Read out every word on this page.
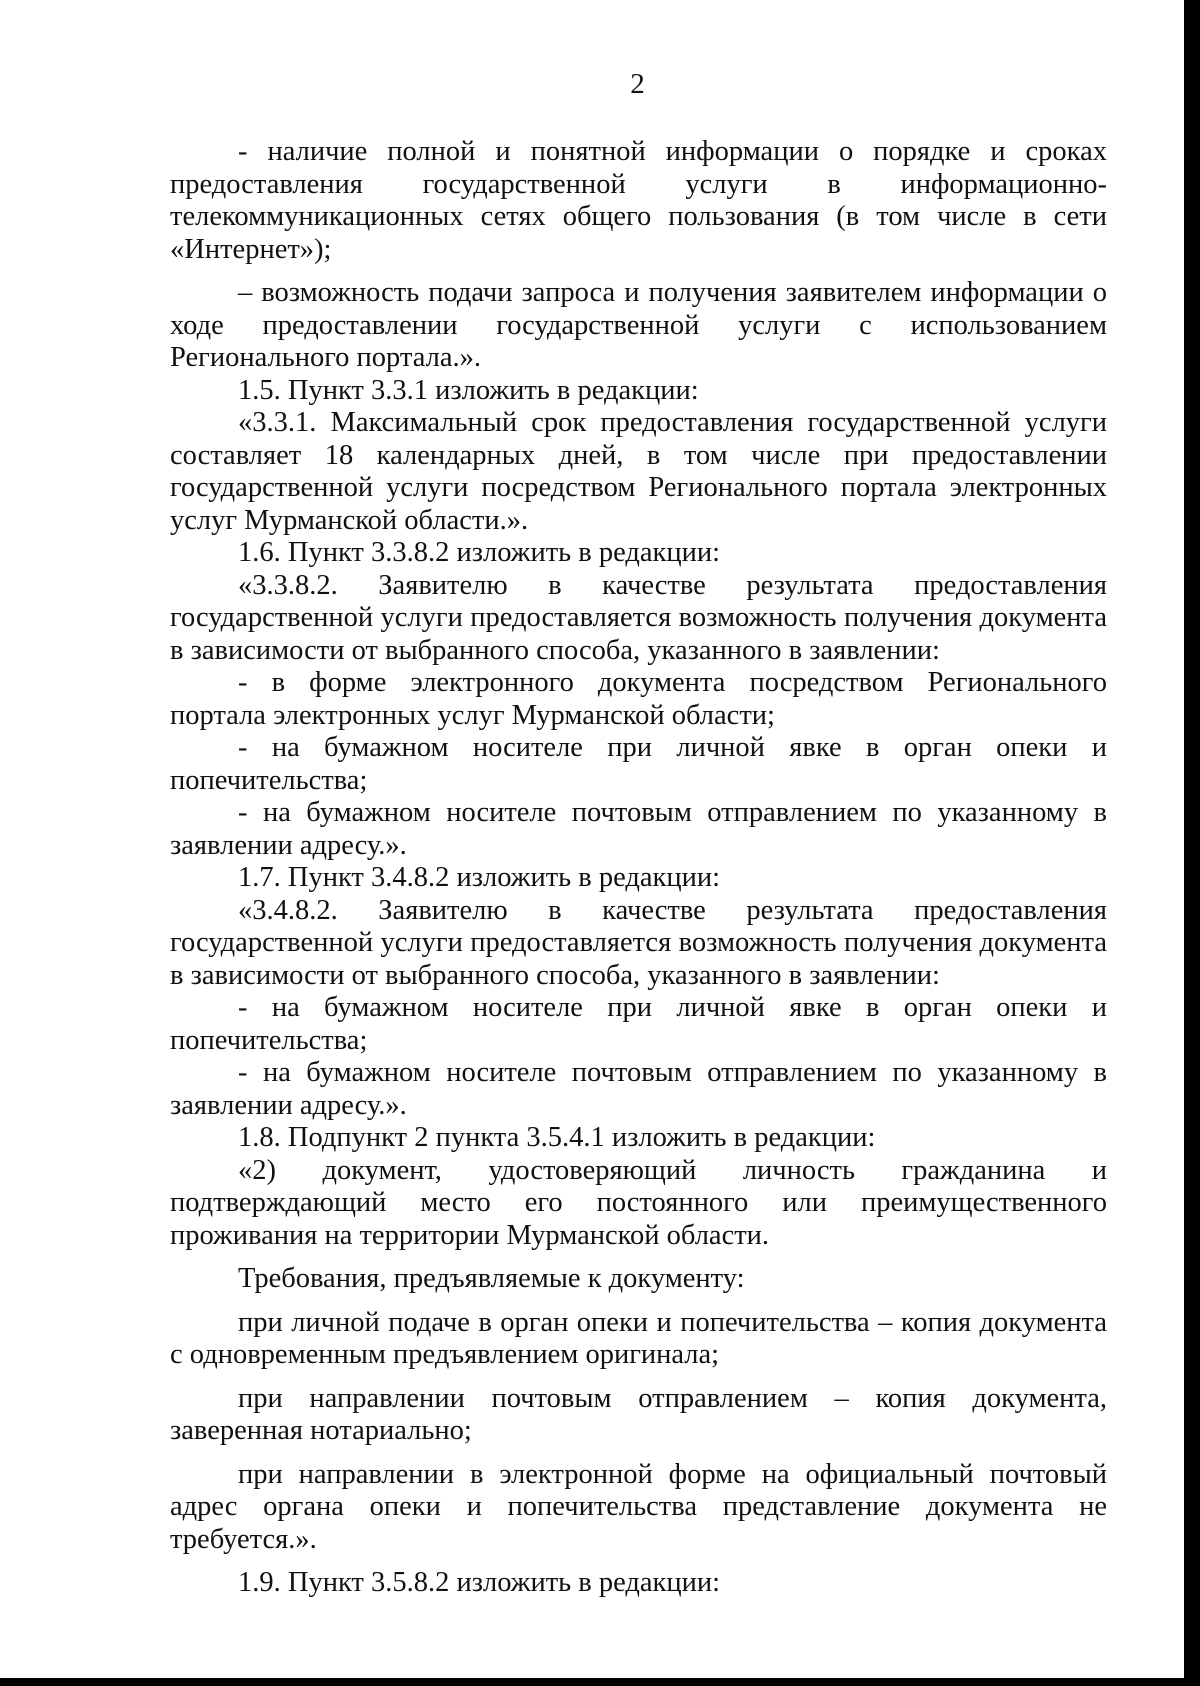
2

- наличие полной и понятной информации о порядке и сроках предоставления государственной услуги в информационно-телекоммуникационных сетях общего пользования (в том числе в сети «Интернет»);

– возможность подачи запроса и получения заявителем информации о ходе предоставлении государственной услуги с использованием Регионального портала.».

1.5. Пункт 3.3.1 изложить в редакции:

«3.3.1. Максимальный срок предоставления государственной услуги составляет 18 календарных дней, в том числе при предоставлении государственной услуги посредством Регионального портала электронных услуг Мурманской области.».

1.6. Пункт 3.3.8.2 изложить в редакции:

«3.3.8.2. Заявителю в качестве результата предоставления государственной услуги предоставляется возможность получения документа в зависимости от выбранного способа, указанного в заявлении:

- в форме электронного документа посредством Регионального портала электронных услуг Мурманской области;

- на бумажном носителе при личной явке в орган опеки и попечительства;

- на бумажном носителе почтовым отправлением по указанному в заявлении адресу.».

1.7. Пункт 3.4.8.2 изложить в редакции:

«3.4.8.2. Заявителю в качестве результата предоставления государственной услуги предоставляется возможность получения документа в зависимости от выбранного способа, указанного в заявлении:

- на бумажном носителе при личной явке в орган опеки и попечительства;

- на бумажном носителе почтовым отправлением по указанному в заявлении адресу.».

1.8. Подпункт 2 пункта 3.5.4.1 изложить в редакции:

«2) документ, удостоверяющий личность гражданина и подтверждающий место его постоянного или преимущественного проживания на территории Мурманской области.

Требования, предъявляемые к документу:

при личной подаче в орган опеки и попечительства – копия документа с одновременным предъявлением оригинала;

при направлении почтовым отправлением – копия документа, заверенная нотариально;

при направлении в электронной форме на официальный почтовый адрес органа опеки и попечительства представление документа не требуется.».

1.9. Пункт 3.5.8.2 изложить в редакции:
